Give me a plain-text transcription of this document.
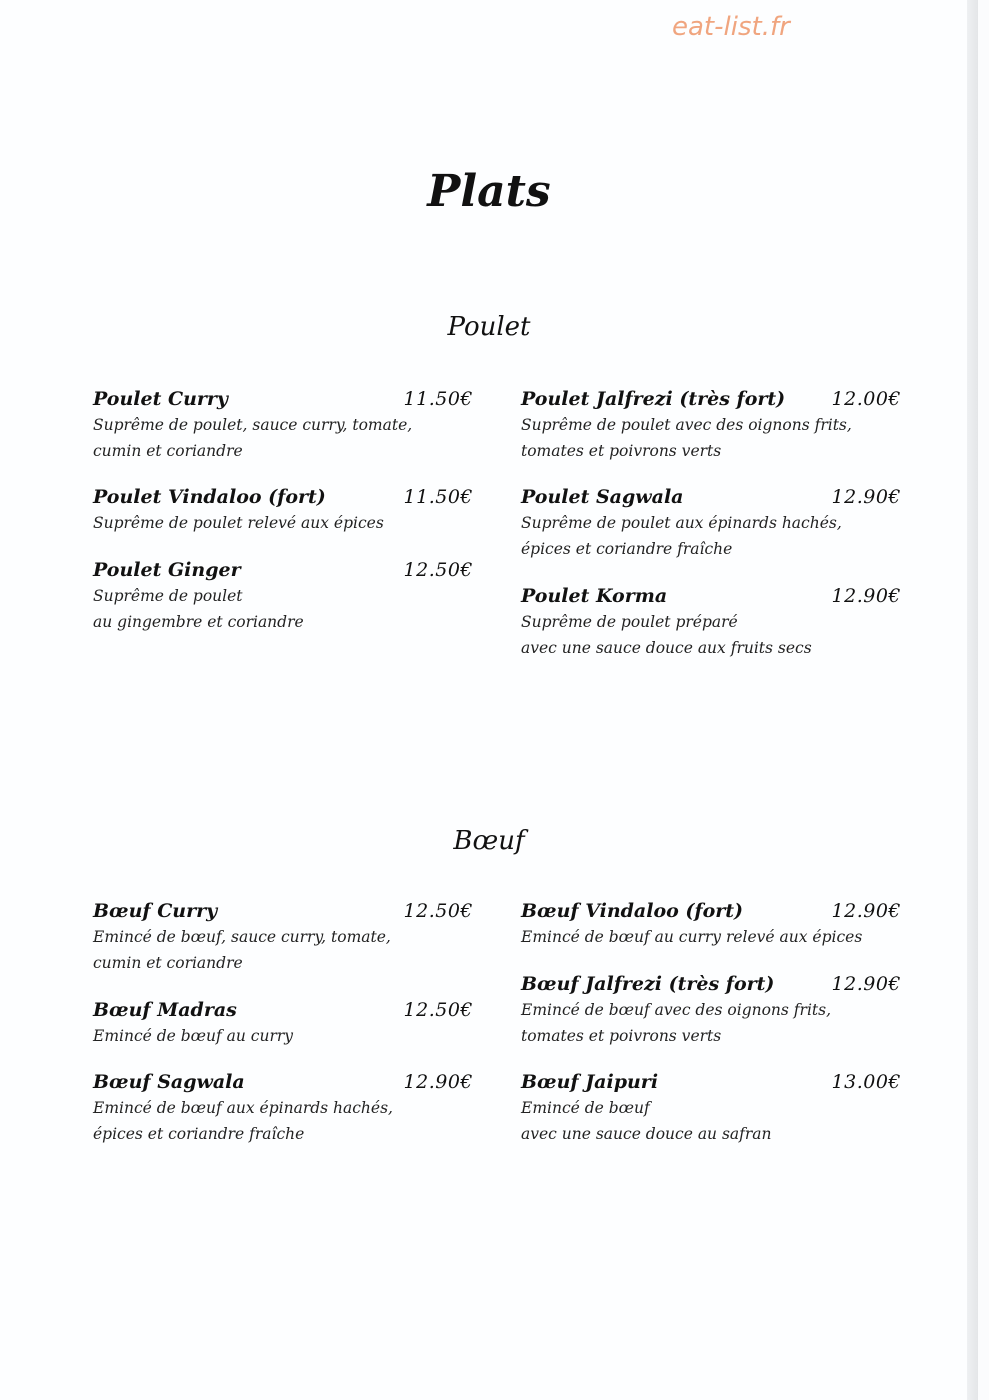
eat-list.fr
Plats
Poulet
Poulet Curry	11.50€
Suprême de poulet, sauce curry, tomate,
cumin et coriandre
Poulet Vindaloo (fort)	11.50€
Suprême de poulet relevé aux épices
Poulet Ginger	12.50€
Suprême de poulet
au gingembre et coriandre
Poulet Jalfrezi (très fort) 12.00€
Suprême de poulet avec des oignons frits,
tomates et poivrons verts
Poulet Sagwala	12.90€
Suprême de poulet aux épinards hachés,
épices et coriandre fraîche
Poulet Korma	12.90€
Suprême de poulet préparé
avec une sauce douce aux fruits secs
Bœuf
Bœuf Curry	12.50€
Emincé de bœuf, sauce curry, tomate,
cumin et coriandre
Bœuf Madras	12.50€
Emincé de bœuf au curry
Bœuf Sagwala	12.90€
Emincé de bœuf aux épinards hachés,
épices et coriandre fraîche
Bœuf Vindaloo (fort)	12.90€
Emincé de bœuf au curry relevé aux épices
Bœuf Jalfrezi (très fort)	12.90€
Emincé de bœuf avec des oignons frits,
tomates et poivrons verts
Bœuf Jaipuri	13.00€
Emincé de bœuf
avec une sauce douce au safran
